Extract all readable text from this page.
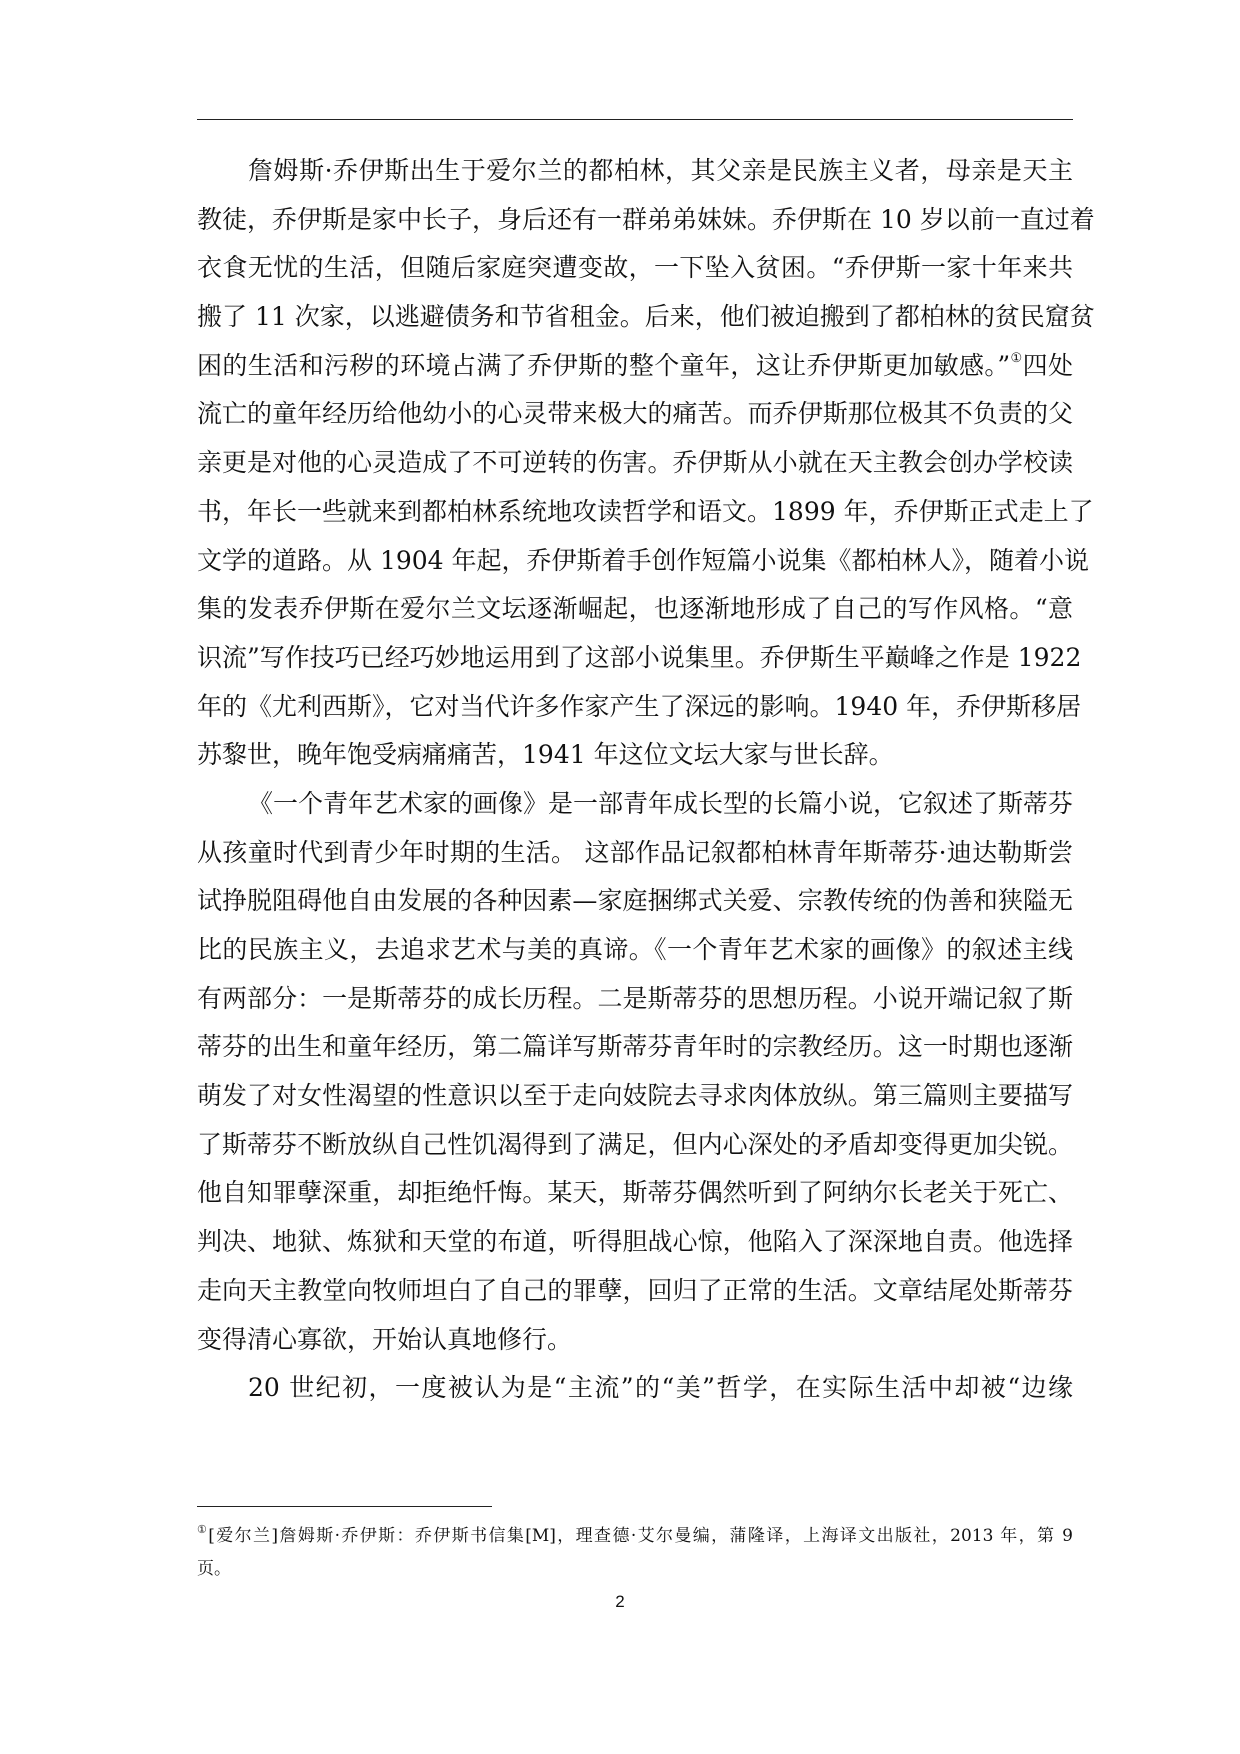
詹姆斯·乔伊斯出生于爱尔兰的都柏林，其父亲是民族主义者，母亲是天主
教徒，乔伊斯是家中长子，身后还有一群弟弟妹妹。乔伊斯在 10 岁以前一直过着
衣食无忧的生活，但随后家庭突遭变故，一下坠入贫困。“乔伊斯一家十年来共
搬了 11 次家，以逃避债务和节省租金。后来，他们被迫搬到了都柏林的贫民窟贫
困的生活和污秽的环境占满了乔伊斯的整个童年，这让乔伊斯更加敏感。”①四处
流亡的童年经历给他幼小的心灵带来极大的痛苦。而乔伊斯那位极其不负责的父
亲更是对他的心灵造成了不可逆转的伤害。乔伊斯从小就在天主教会创办学校读
书，年长一些就来到都柏林系统地攻读哲学和语文。1899 年，乔伊斯正式走上了
文学的道路。从 1904 年起，乔伊斯着手创作短篇小说集《都柏林人》，随着小说
集的发表乔伊斯在爱尔兰文坛逐渐崛起，也逐渐地形成了自己的写作风格。“意
识流”写作技巧已经巧妙地运用到了这部小说集里。乔伊斯生平巅峰之作是 1922
年的《尤利西斯》，它对当代许多作家产生了深远的影响。1940 年，乔伊斯移居
苏黎世，晚年饱受病痛痛苦，1941 年这位文坛大家与世长辞。
《一个青年艺术家的画像》是一部青年成长型的长篇小说，它叙述了斯蒂芬
从孩童时代到青少年时期的生活。 这部作品记叙都柏林青年斯蒂芬·迪达勒斯尝
试挣脱阻碍他自由发展的各种因素—家庭捆绑式关爱、宗教传统的伪善和狭隘无
比的民族主义，去追求艺术与美的真谛。《一个青年艺术家的画像》的叙述主线
有两部分：一是斯蒂芬的成长历程。二是斯蒂芬的思想历程。小说开端记叙了斯
蒂芬的出生和童年经历，第二篇详写斯蒂芬青年时的宗教经历。这一时期也逐渐
萌发了对女性渴望的性意识以至于走向妓院去寻求肉体放纵。第三篇则主要描写
了斯蒂芬不断放纵自己性饥渴得到了满足，但内心深处的矛盾却变得更加尖锐。
他自知罪孽深重，却拒绝忏悔。某天，斯蒂芬偶然听到了阿纳尔长老关于死亡、
判决、地狱、炼狱和天堂的布道，听得胆战心惊，他陷入了深深地自责。他选择
走向天主教堂向牧师坦白了自己的罪孽，回归了正常的生活。文章结尾处斯蒂芬
变得清心寡欲，开始认真地修行。
20 世纪初，一度被认为是“主流”的“美”哲学，在实际生活中却被“边缘
①[爱尔兰]詹姆斯·乔伊斯：乔伊斯书信集[M]，理查德·艾尔曼编，蒲隆译，上海译文出版社，2013 年，第 9
页。
2
